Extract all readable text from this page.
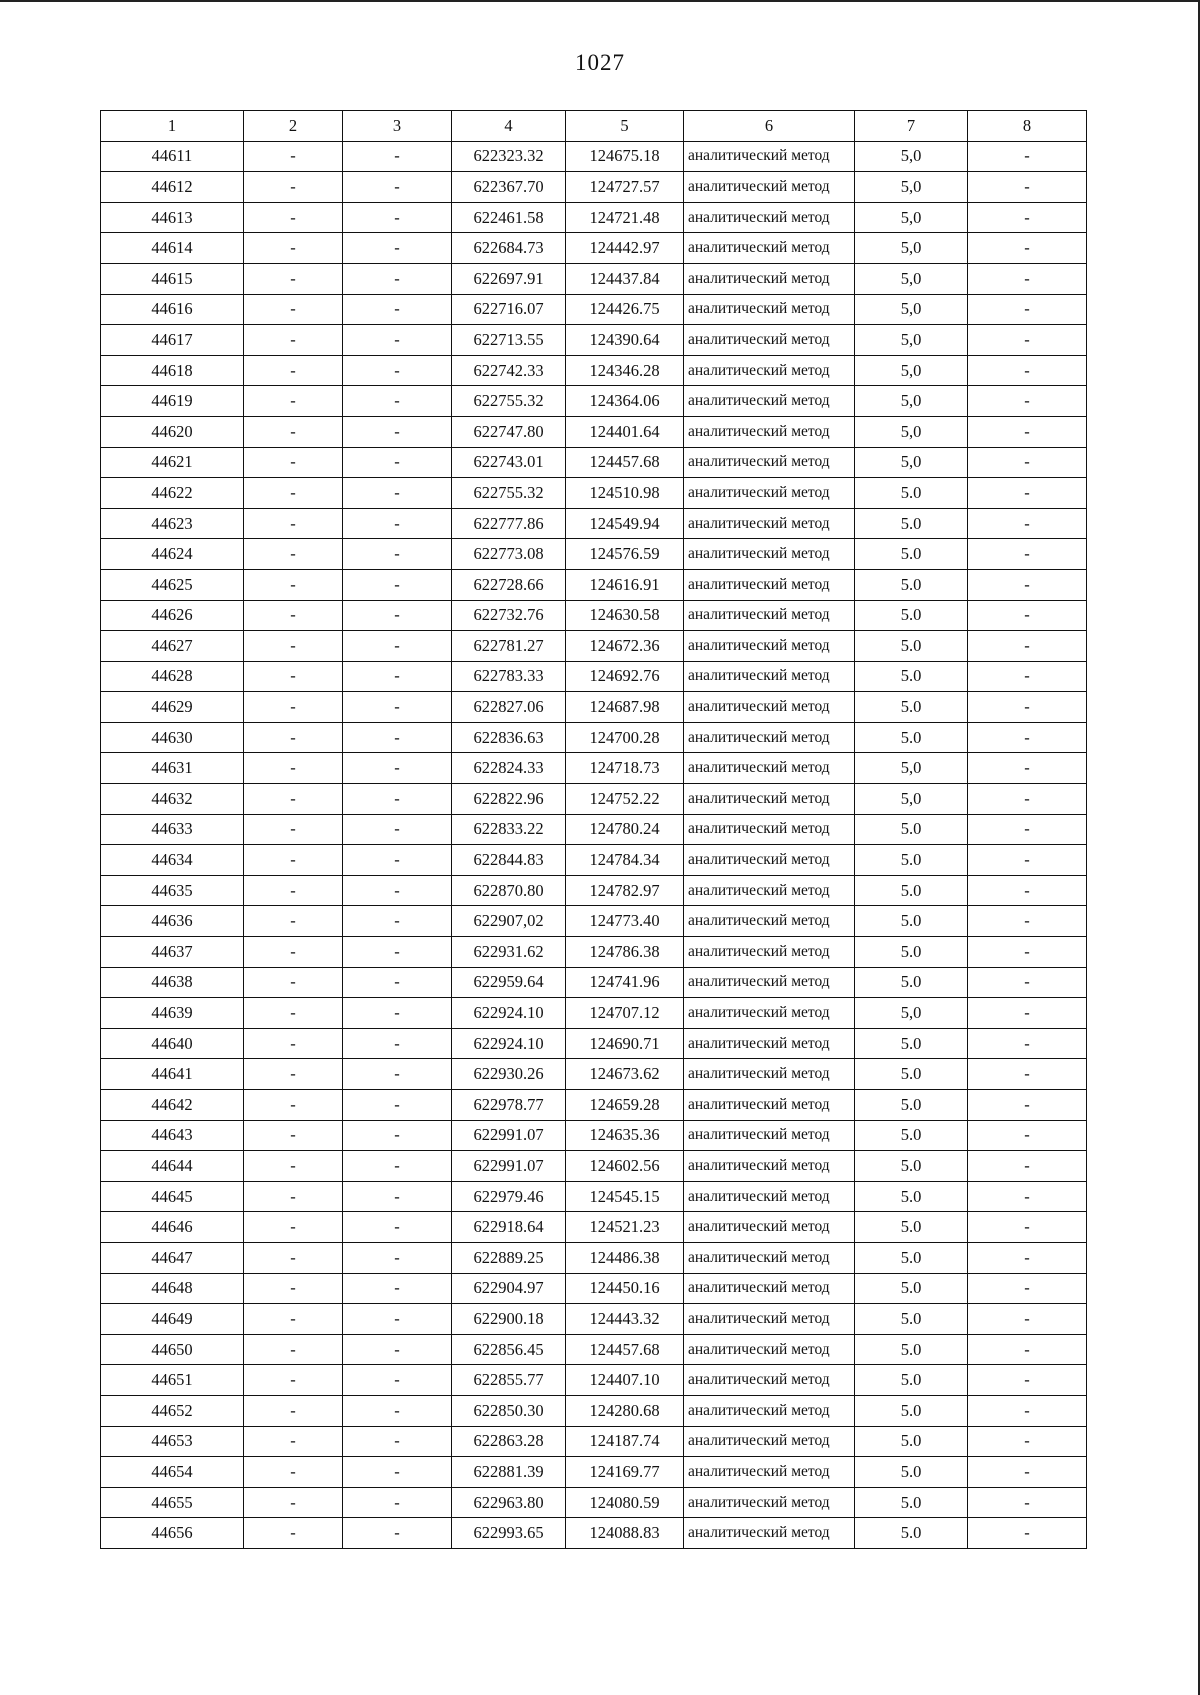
1027
1	2	3	4	5	6	7	8
44611	-	-	622323.32	124675.18	аналитический метод	5,0	-
44612	-	-	622367.70	124727.57	аналитический метод	5,0	-
44613	-	-	622461.58	124721.48	аналитический метод	5,0	-
44614	-	-	622684.73	124442.97	аналитический метод	5,0	-
44615	-	-	622697.91	124437.84	аналитический метод	5,0	-
44616	-	-	622716.07	124426.75	аналитический метод	5,0	-
44617	-	-	622713.55	124390.64	аналитический метод	5,0	-
44618	-	-	622742.33	124346.28	аналитический метод	5,0	-
44619	-	-	622755.32	124364.06	аналитический метод	5,0	-
44620	-	-	622747.80	124401.64	аналитический метод	5,0	-
44621	-	-	622743.01	124457.68	аналитический метод	5,0	-
44622	-	-	622755.32	124510.98	аналитический метод	5.0	-
44623	-	-	622777.86	124549.94	аналитический метод	5.0	-
44624	-	-	622773.08	124576.59	аналитический метод	5.0	-
44625	-	-	622728.66	124616.91	аналитический метод	5.0	-
44626	-	-	622732.76	124630.58	аналитический метод	5.0	-
44627	-	-	622781.27	124672.36	аналитический метод	5.0	-
44628	-	-	622783.33	124692.76	аналитический метод	5.0	-
44629	-	-	622827.06	124687.98	аналитический метод	5.0	-
44630	-	-	622836.63	124700.28	аналитический метод	5.0	-
44631	-	-	622824.33	124718.73	аналитический метод	5,0	-
44632	-	-	622822.96	124752.22	аналитический метод	5,0	-
44633	-	-	622833.22	124780.24	аналитический метод	5.0	-
44634	-	-	622844.83	124784.34	аналитический метод	5.0	-
44635	-	-	622870.80	124782.97	аналитический метод	5.0	-
44636	-	-	622907,02	124773.40	аналитический метод	5.0	-
44637	-	-	622931.62	124786.38	аналитический метод	5.0	-
44638	-	-	622959.64	124741.96	аналитический метод	5.0	-
44639	-	-	622924.10	124707.12	аналитический метод	5,0	-
44640	-	-	622924.10	124690.71	аналитический метод	5.0	-
44641	-	-	622930.26	124673.62	аналитический метод	5.0	-
44642	-	-	622978.77	124659.28	аналитический метод	5.0	-
44643	-	-	622991.07	124635.36	аналитический метод	5.0	-
44644	-	-	622991.07	124602.56	аналитический метод	5.0	-
44645	-	-	622979.46	124545.15	аналитический метод	5.0	-
44646	-	-	622918.64	124521.23	аналитический метод	5.0	-
44647	-	-	622889.25	124486.38	аналитический метод	5.0	-
44648	-	-	622904.97	124450.16	аналитический метод	5.0	-
44649	-	-	622900.18	124443.32	аналитический метод	5.0	-
44650	-	-	622856.45	124457.68	аналитический метод	5.0	-
44651	-	-	622855.77	124407.10	аналитический метод	5.0	-
44652	-	-	622850.30	124280.68	аналитический метод	5.0	-
44653	-	-	622863.28	124187.74	аналитический метод	5.0	-
44654	-	-	622881.39	124169.77	аналитический метод	5.0	-
44655	-	-	622963.80	124080.59	аналитический метод	5.0	-
44656	-	-	622993.65	124088.83	аналитический метод	5.0	-
